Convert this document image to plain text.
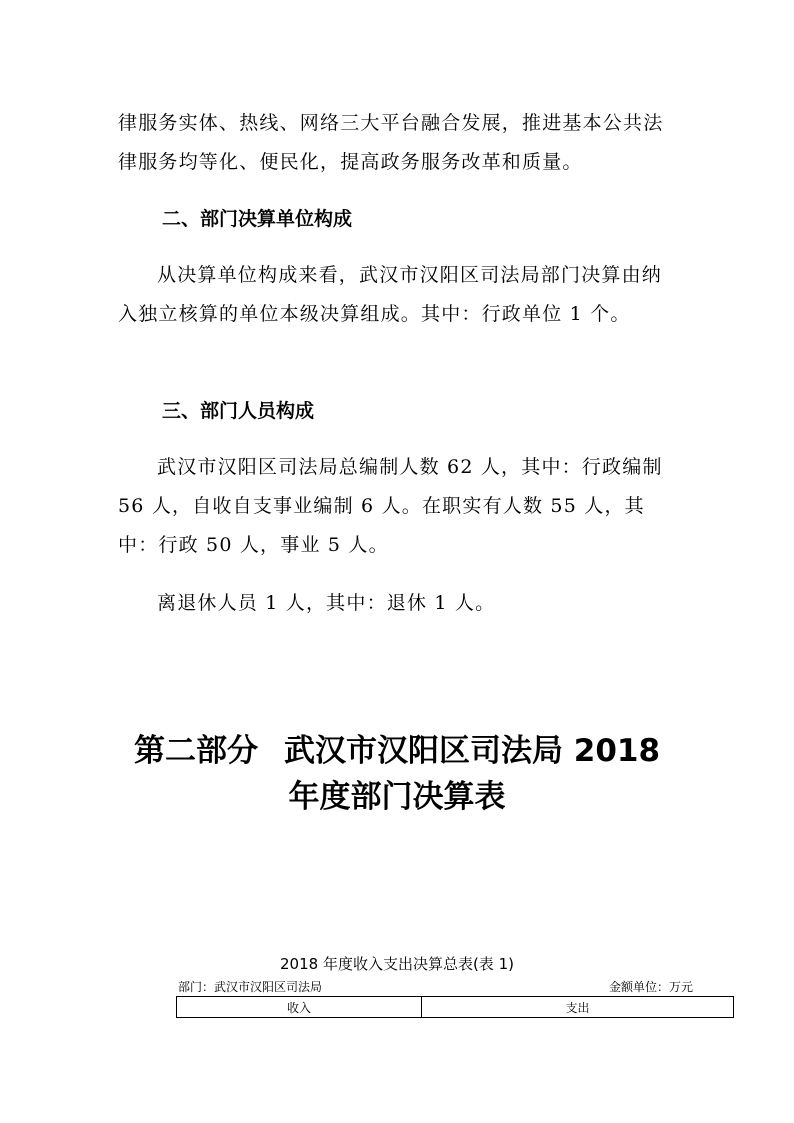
律服务实体、热线、网络三大平台融合发展，推进基本公共法律服务均等化、便民化，提高政务服务改革和质量。

二、部门决算单位构成

从决算单位构成来看，武汉市汉阳区司法局部门决算由纳入独立核算的单位本级决算组成。其中：行政单位 1 个。

三、部门人员构成

武汉市汉阳区司法局总编制人数 62 人，其中：行政编制 56 人，自收自支事业编制 6 人。在职实有人数 55 人，其中：行政 50 人，事业 5 人。

离退休人员 1 人，其中：退休 1 人。

第二部分 武汉市汉阳区司法局 2018
年度部门决算表

2018 年度收入支出决算总表(表 1)

部门：武汉市汉阳区司法局	金额单位：万元
收入	支出
